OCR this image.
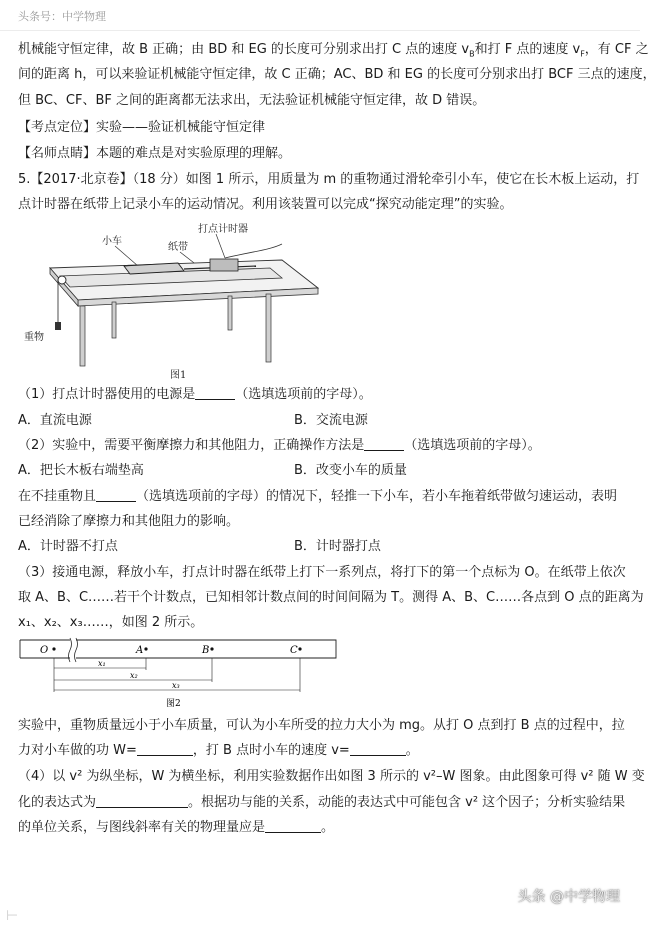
头条号：中学物理
机械能守恒定律，故 B 正确；由 BD 和 EG 的长度可分别求出打 C 点的速度 $v_B$和打 F 点的速度 $v_F$，有 CF 之
间的距离 h，可以来验证机械能守恒定律，故 C 正确；AC、BD 和 EG 的长度可分别求出打 BCF 三点的速度，
但 BC、CF、BF 之间的距离都无法求出，无法验证机械能守恒定律，故 D 错误。
【考点定位】实验——验证机械能守恒定律
【名师点睛】本题的难点是对实验原理的理解。
5.【2017·北京卷】（18 分）如图 1 所示，用质量为 m 的重物通过滑轮牵引小车，使它在长木板上运动，打
点计时器在纸带上记录小车的运动情况。利用该装置可以完成“探究动能定理”的实验。
小车
纸带
打点计时器
重物
图1
（1）打点计时器使用的电源是	（选填选项前的字母）。
A．直流电源	B．交流电源
（2）实验中，需要平衡摩擦力和其他阻力，正确操作方法是	（选填选项前的字母）。
A．把长木板右端垫高	B．改变小车的质量
在不挂重物且	（选填选项前的字母）的情况下，轻推一下小车，若小车拖着纸带做匀速运动，表明
已经消除了摩擦力和其他阻力的影响。
A．计时器不打点	B．计时器打点
（3）接通电源，释放小车，打点计时器在纸带上打下一系列点，将打下的第一个点标为 O。在纸带上依次
取 A、B、C……若干个计数点，已知相邻计数点间的时间间隔为 T。测得 A、B、C……各点到 O 点的距离为
x₁、x₂、x₃……，如图 2 所示。
O	A	B	C
x₁
x₂
x₃
图2
实验中，重物质量远小于小车质量，可认为小车所受的拉力大小为 mg。从打 O 点到打 B 点的过程中，拉
力对小车做的功 W=	，打 B 点时小车的速度 v=	。
（4）以 v² 为纵坐标，W 为横坐标，利用实验数据作出如图 3 所示的 v²–W 图象。由此图象可得 v² 随 W 变
化的表达式为	。根据功与能的关系，动能的表达式中可能包含 v² 这个因子；分析实验结果
的单位关系，与图线斜率有关的物理量应是	。
⊢
头条 @中学物理
